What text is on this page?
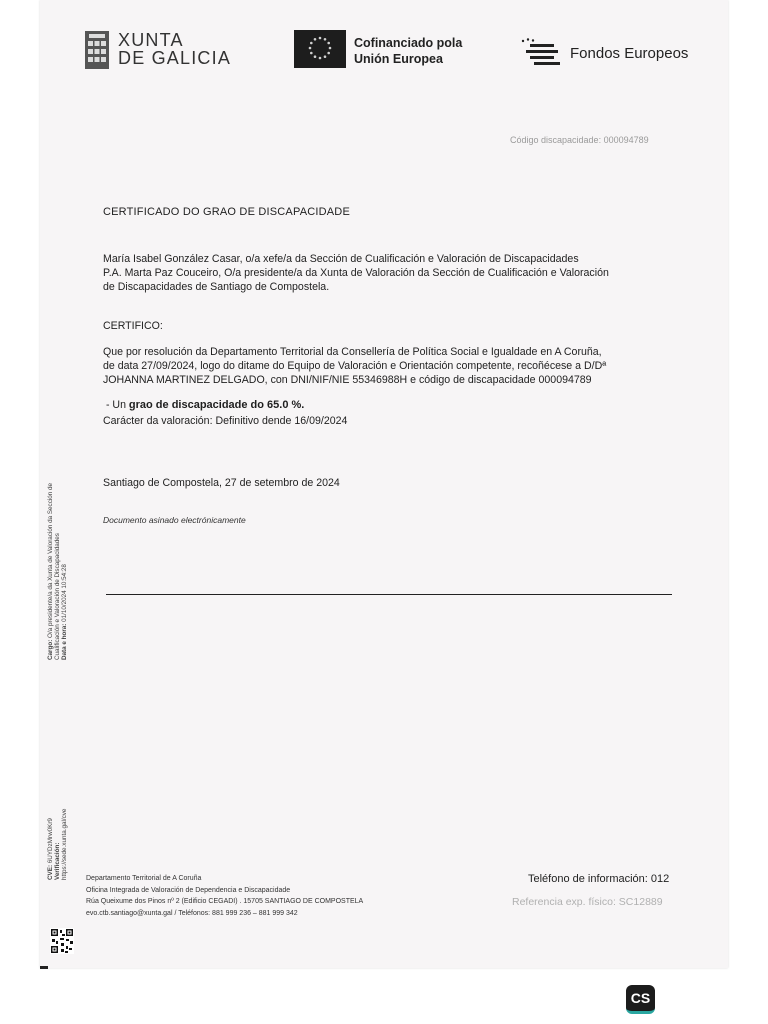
XUNTA
DE GALICIA
Cofinanciado pola
Unión Europea	Fondos Europeos
Código discapacidade: 000094789
CERTIFICADO DO GRAO DE DISCAPACIDADE
María Isabel González Casar, o/a xefe/a da Sección de Cualificación e Valoración de Discapacidades
P.A. Marta Paz Couceiro, O/a presidente/a da Xunta de Valoración da Sección de Cualificación e Valoración
de Discapacidades de Santiago de Compostela.
CERTIFICO:
Que por resolución da Departamento Territorial da Consellería de Política Social e Igualdade en A Coruña,
de data 27/09/2024, logo do ditame do Equipo de Valoración e Orientación competente, recoñécese a D/Dª
JOHANNA MARTINEZ DELGADO, con DNI/NIF/NIE 55346988H e código de discapacidade 000094789
- Un grao de discapacidade do 65.0 %.
Carácter da valoración: Definitivo dende 16/09/2024
Santiago de Compostela, 27 de setembro de 2024
Documento asinado electrónicamente
Cargo: O/a presidente/a da Xunta de Valoración da Sección de Cualificación e Valoración de Discapacidades Data e hora: 01/10/2024 10:54:28
CVE: 6UYDzMrw0Kr9 Verificación: https://sede.xunta.gal/cve	Departamento Territorial de A Coruña
Oficina Integrada de Valoración de Dependencia e Discapacidade
Rúa Queixume dos Pinos nº 2 (Edificio CEGADI) . 15705 SANTIAGO DE COMPOSTELA
evo.ctb.santiago@xunta.gal / Teléfonos: 881 999 236 – 881 999 342
Teléfono de información: 012
Referencia exp. físico: SC12889
CS
